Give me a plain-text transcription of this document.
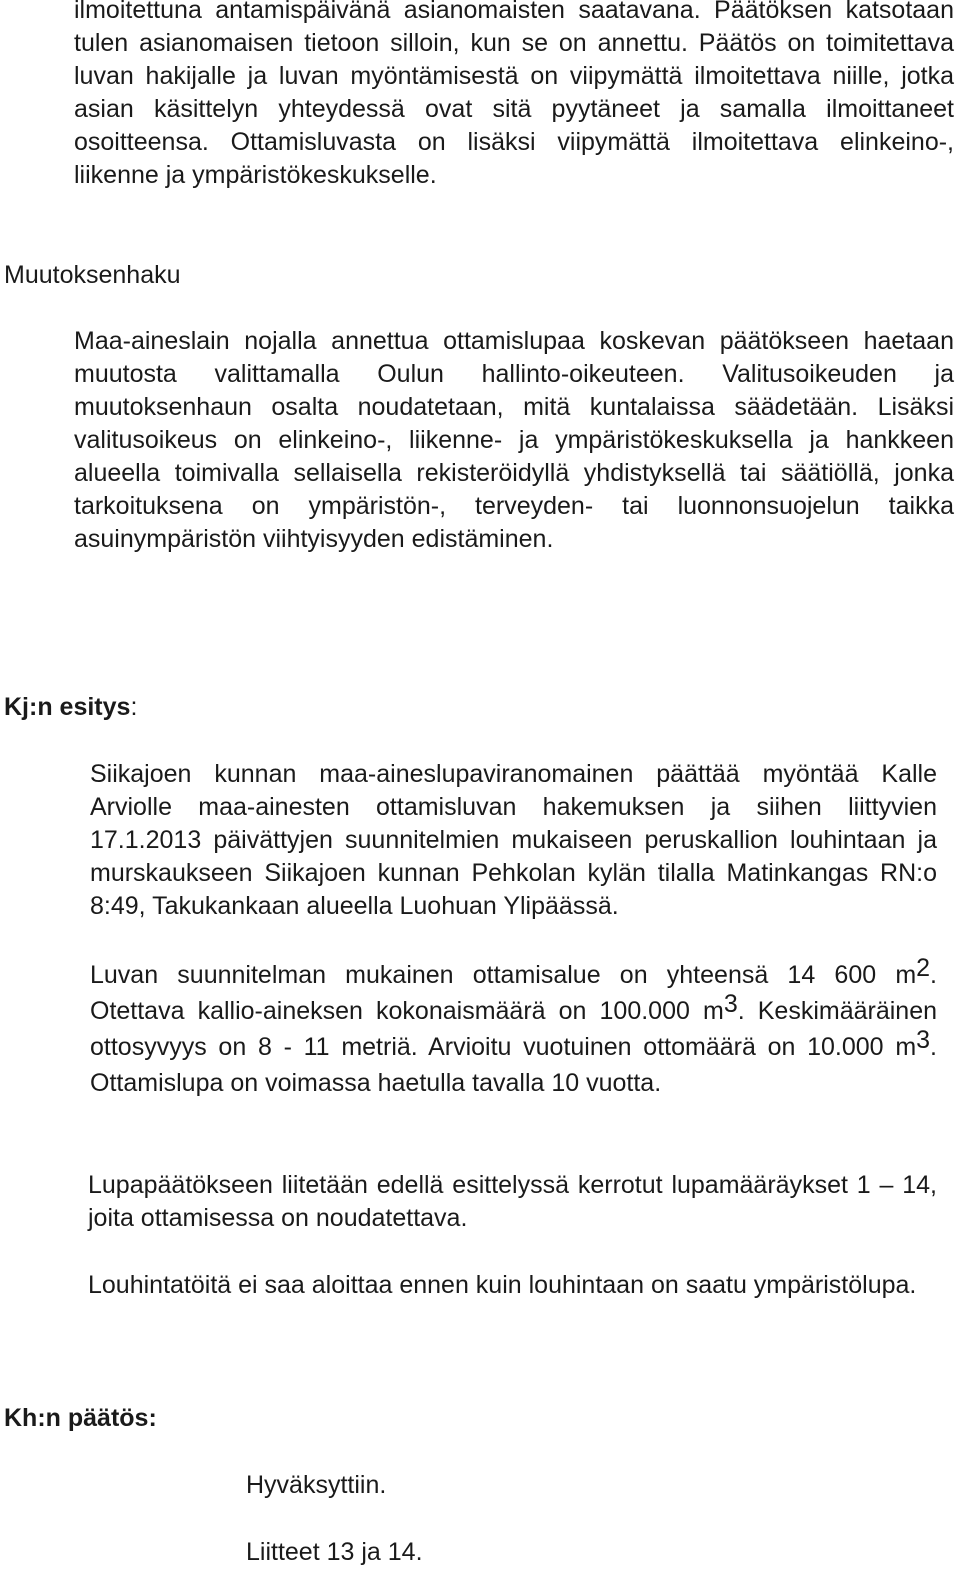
ilmoitettuna antamispäivänä asianomaisten saatavana. Päätöksen katsotaan tulen asianomaisen tietoon silloin, kun se on annettu. Päätös on toimitettava luvan hakijalle ja luvan myöntämisestä on viipymättä ilmoitettava niille, jotka asian käsittelyn yhteydessä ovat sitä pyytäneet ja samalla ilmoittaneet osoitteensa. Ottamisluvasta on lisäksi viipymättä ilmoitettava elinkeino-, liikenne ja ympäristökeskukselle.

Muutoksenhaku

Maa-aineslain nojalla annettua ottamislupaa koskevan päätökseen haetaan muutosta valittamalla Oulun hallinto-oikeuteen. Valitusoikeuden ja muutoksenhaun osalta noudatetaan, mitä kuntalaissa säädetään. Lisäksi valitusoikeus on elinkeino-, liikenne- ja ympäristökeskuksella ja hankkeen alueella toimivalla sellaisella rekisteröidyllä yhdistyksellä tai säätiöllä, jonka tarkoituksena on ympäristön-, terveyden- tai luonnonsuojelun taikka asuinympäristön viihtyisyyden edistäminen.

Kj:n esitys:

Siikajoen kunnan maa-aineslupaviranomainen päättää myöntää Kalle Arviolle maa-ainesten ottamisluvan hakemuksen ja siihen liittyvien 17.1.2013 päivättyjen suunnitelmien mukaiseen peruskallion louhintaan ja murskaukseen Siikajoen kunnan Pehkolan kylän tilalla Matinkangas RN:o 8:49, Takukankaan alueella Luohuan Ylipäässä.

Luvan suunnitelman mukainen ottamisalue on yhteensä 14 600 m2. Otettava kallio-aineksen kokonaismäärä on 100.000 m3. Keskimääräinen ottosyvyys on 8 - 11 metriä. Arvioitu vuotuinen ottomäärä on 10.000 m3. Ottamislupa on voimassa haetulla tavalla 10 vuotta.

Lupapäätökseen liitetään edellä esittelyssä kerrotut lupamääräykset 1 – 14, joita ottamisessa on noudatettava.

Louhintatöitä ei saa aloittaa ennen kuin louhintaan on saatu ympäristölupa.

Kh:n päätös:

Hyväksyttiin.

Liitteet 13 ja 14.
